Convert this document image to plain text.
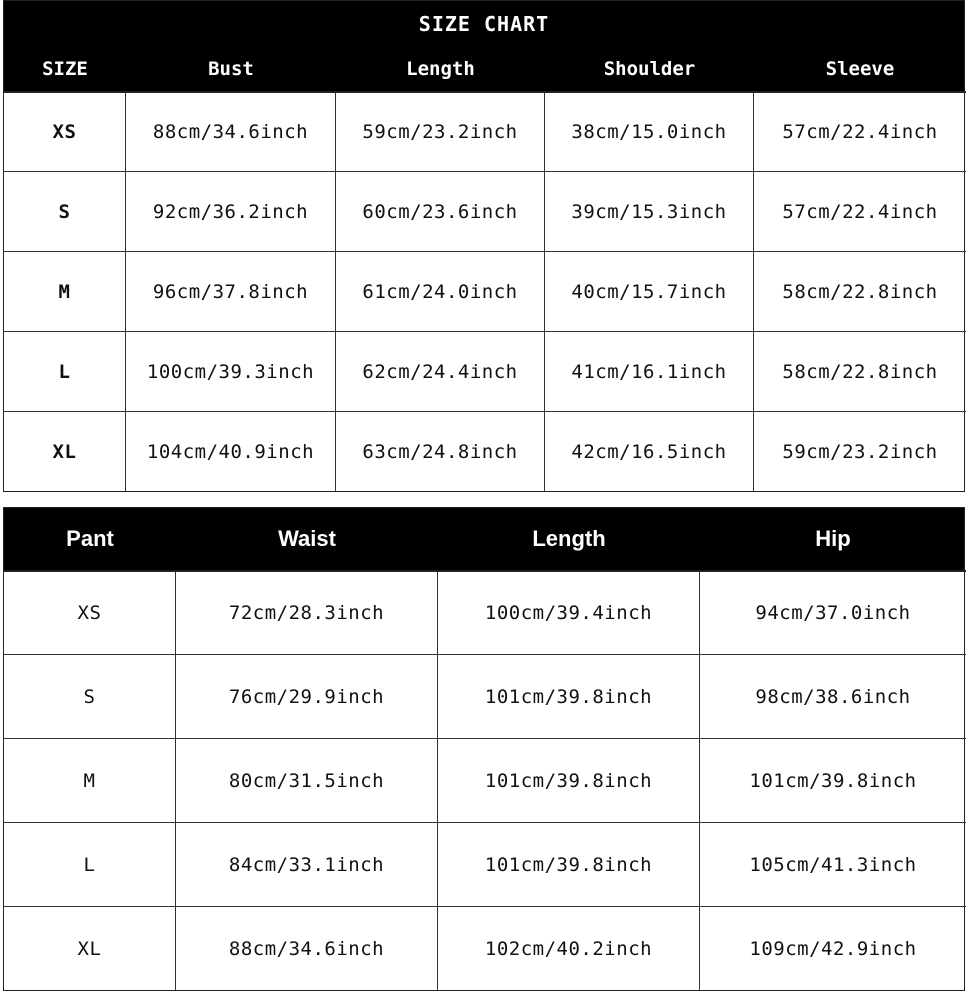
SIZE CHART
SIZE	Bust	Length	Shoulder	Sleeve
XS	88cm/34.6inch	59cm/23.2inch	38cm/15.0inch	57cm/22.4inch
S	92cm/36.2inch	60cm/23.6inch	39cm/15.3inch	57cm/22.4inch
M	96cm/37.8inch	61cm/24.0inch	40cm/15.7inch	58cm/22.8inch
L	100cm/39.3inch	62cm/24.4inch	41cm/16.1inch	58cm/22.8inch
XL	104cm/40.9inch	63cm/24.8inch	42cm/16.5inch	59cm/23.2inch
Pant	Waist	Length	Hip
XS	72cm/28.3inch	100cm/39.4inch	94cm/37.0inch
S	76cm/29.9inch	101cm/39.8inch	98cm/38.6inch
M	80cm/31.5inch	101cm/39.8inch	101cm/39.8inch
L	84cm/33.1inch	101cm/39.8inch	105cm/41.3inch
XL	88cm/34.6inch	102cm/40.2inch	109cm/42.9inch
